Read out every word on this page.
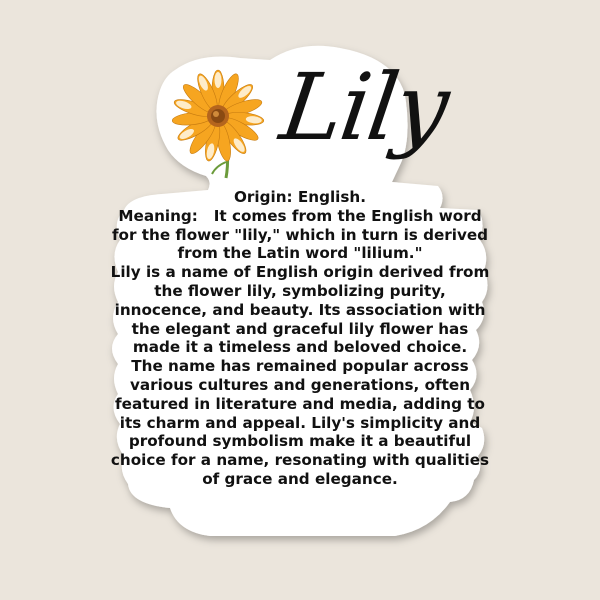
Lily

Origin: English.

Meaning: It comes from the English word for the flower "lily," which in turn is derived from the Latin word "lilium."

Lily is a name of English origin derived from the flower lily, symbolizing purity, innocence, and beauty. Its association with the elegant and graceful lily flower has made it a timeless and beloved choice.

The name has remained popular across various cultures and generations, often featured in literature and media, adding to its charm and appeal. Lily's simplicity and profound symbolism make it a beautiful choice for a name, resonating with qualities of grace and elegance.
